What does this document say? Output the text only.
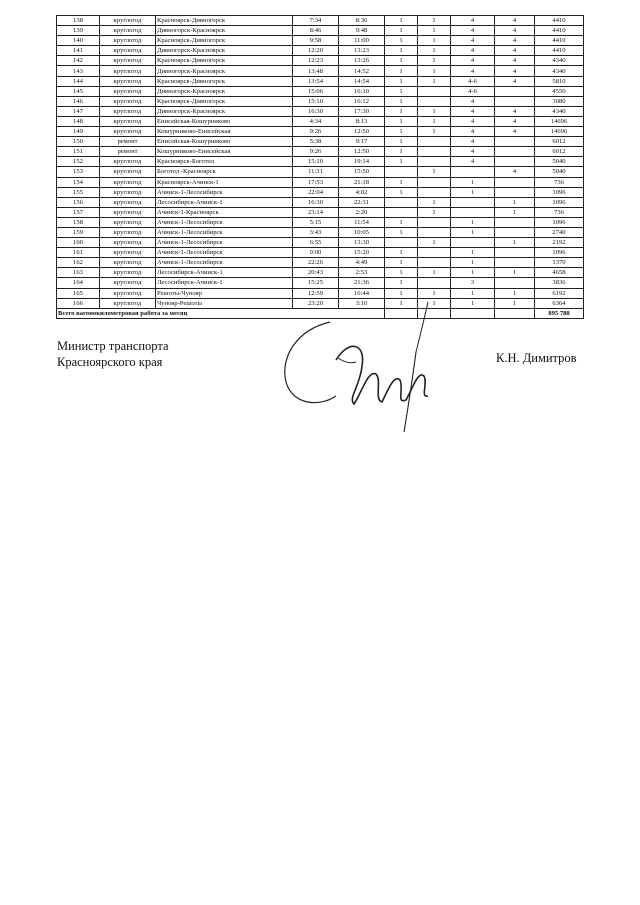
138	круглогод	Красноярск-Дивногорск	7:34	8:36	1	1	4	4	4410
139	круглогод	Дивногорск-Красноярск	8:46	9:48	1	1	4	4	4410
140	круглогод	Красноярск-Дивногорск	9:58	11:00	1	1	4	4	4410
141	круглогод	Дивногорск-Красноярск	12:20	13:23	1	1	4	4	4410
142	круглогод	Красноярск-Дивногорск	12:23	13:26	1	1	4	4	4340
143	круглогод	Дивногорск-Красноярск	13:48	14:52	1	1	4	4	4340
144	круглогод	Красноярск-Дивногорск	13:54	14:54	1	1	4-6	4	5810
145	круглогод	Дивногорск-Красноярск	15:06	16:10	1		4-6		4550
146	круглогод	Красноярск-Дивногорск	15:10	16:12	1		4		3080
147	круглогод	Дивногорск-Красноярск	16:30	17:30	1	1	4	4	4340
148	круглогод	Енисейская-Кошурниково	4:34	8:13	1	1	4	4	14696
149	круглогод	Кошурниково-Енисейская	9:26	12:50	1	1	4	4	14696
150	ремонт	Енисейская-Кошурниково	5:38	9:17	1		4		6012
151	ремонт	Кошурниково-Енисейская	9:26	12:50	1		4		6012
152	круглогод	Красноярск-Боготол	15:10	19:14	1		4		5040
153	круглогод	Боготол -Красноярск	11:31	15:50		1		4	5040
154	круглогод	Красноярск-Ачинск-1	17:53	21:18	1		1		736
155	круглогод	Ачинск-1-Лесосибирск	22:04	4:02	1		1		1096
156	круглогод	Лесосибирск-Ачинск-1	16:30	22:31		1		1	1096
157	круглогод	Ачинск-1-Красноярск	23:14	2:20		1		1	736
158	круглогод	Ачинск-1-Лесосибирск	5:15	11:54	1		1		1096
159	круглогод	Ачинск-1-Лесосибирск	3:43	10:05	1		1		2740
160	круглогод	Ачинск-1-Лесосибирск	6:55	13:30		1		1	2192
161	круглогод	Ачинск-1-Лесосибирск	9:00	15:20	1		1		1096
162	круглогод	Ачинск-1-Лесосибирск	22:26	4:49	1		1		1370
163	круглогод	Лесосибирск-Ачинск-1	20:43	2:53	1	1	1	1	4658
164	круглогод	Лесосибирск-Ачинск-1	15:25	21:36	1		3		3836
165	круглогод	Решоты-Чунояр	12:59	16:44	1	1	1	1	6192
166	круглогод	Чунояр-Решоты	23:20	3:10	1	1	1	1	6364
Всего вагонокилометровая работа за месяц									895 788
Министр транспорта
Красноярского края	К.Н. Димитров
